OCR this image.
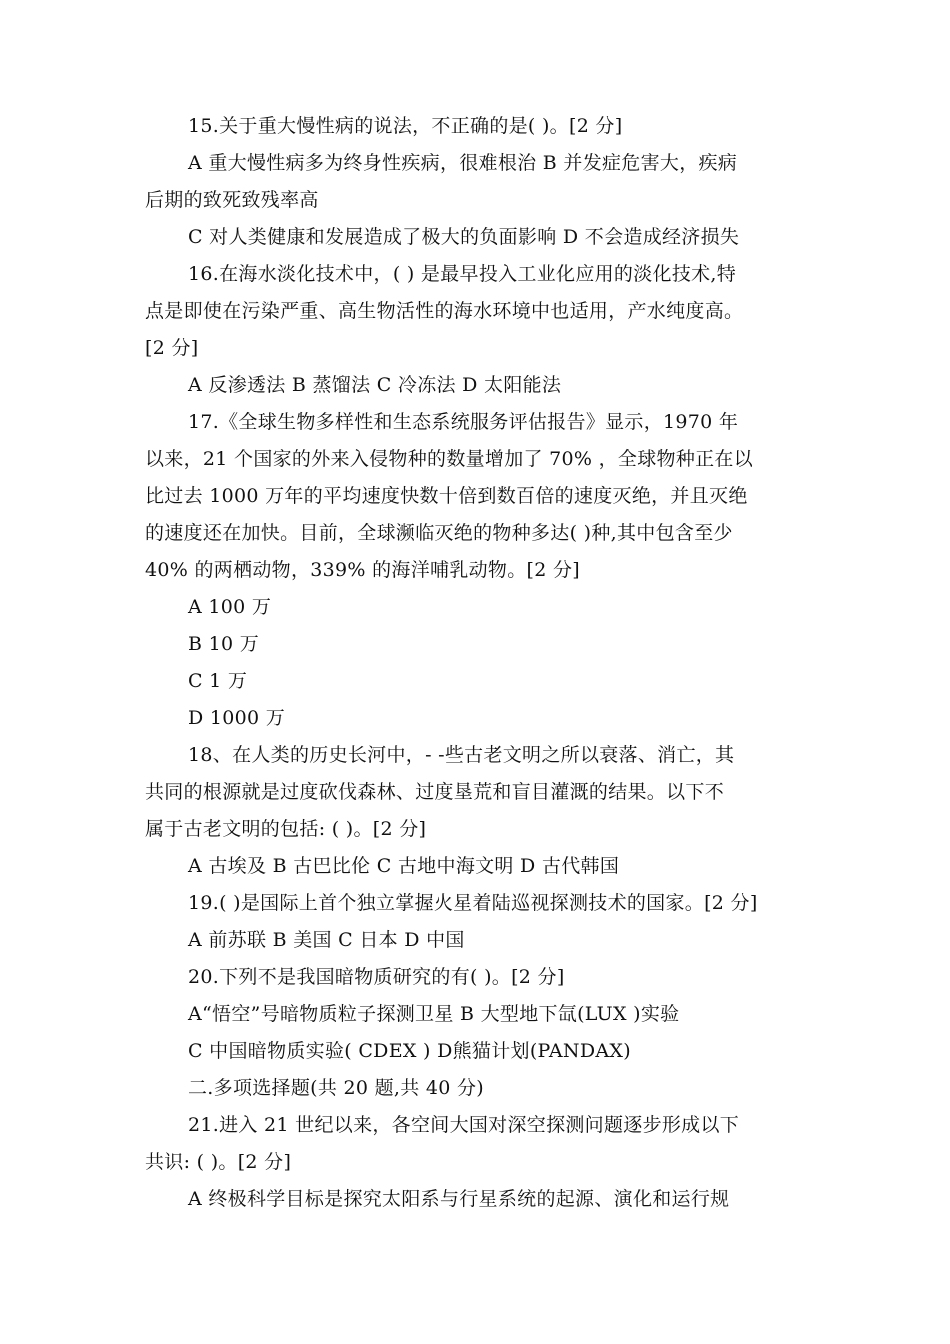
15.关于重大慢性病的说法，不正确的是( )。[2 分]

A 重大慢性病多为终身性疾病，很难根治 B 并发症危害大，疾病

后期的致死致残率高

C 对人类健康和发展造成了极大的负面影响 D 不会造成经济损失

16.在海水淡化技术中，( ) 是最早投入工业化应用的淡化技术,特

点是即使在污染严重、高生物活性的海水环境中也适用，产水纯度高。

[2 分]

A 反渗透法 B 蒸馏法 C 冷冻法 D 太阳能法

17.《全球生物多样性和生态系统服务评估报告》显示，1970 年

以来，21 个国家的外来入侵物种的数量增加了 70% ，全球物种正在以

比过去 1000 万年的平均速度快数十倍到数百倍的速度灭绝，并且灭绝

的速度还在加快。目前，全球濒临灭绝的物种多达( )种,其中包含至少

40% 的两栖动物，339% 的海洋哺乳动物。[2 分]

A 100 万

B 10 万

C 1 万

D 1000 万

18、在人类的历史长河中，- -些古老文明之所以衰落、消亡，其

共同的根源就是过度砍伐森林、过度垦荒和盲目灌溉的结果。以下不

属于古老文明的包括: ( )。[2 分]

A 古埃及 B 古巴比伦 C 古地中海文明 D 古代韩国

19.( )是国际上首个独立掌握火星着陆巡视探测技术的国家。[2 分]

A 前苏联 B 美国 C 日本 D 中国

20.下列不是我国暗物质研究的有( )。[2 分]

A“悟空”号暗物质粒子探测卫星 B 大型地下氙(LUX )实验

C 中国暗物质实验( CDEX ) D熊猫计划(PANDAX)

二.多项选择题(共 20 题,共 40 分)

21.进入 21 世纪以来，各空间大国对深空探测问题逐步形成以下

共识: ( )。[2 分]

A 终极科学目标是探究太阳系与行星系统的起源、演化和运行规
